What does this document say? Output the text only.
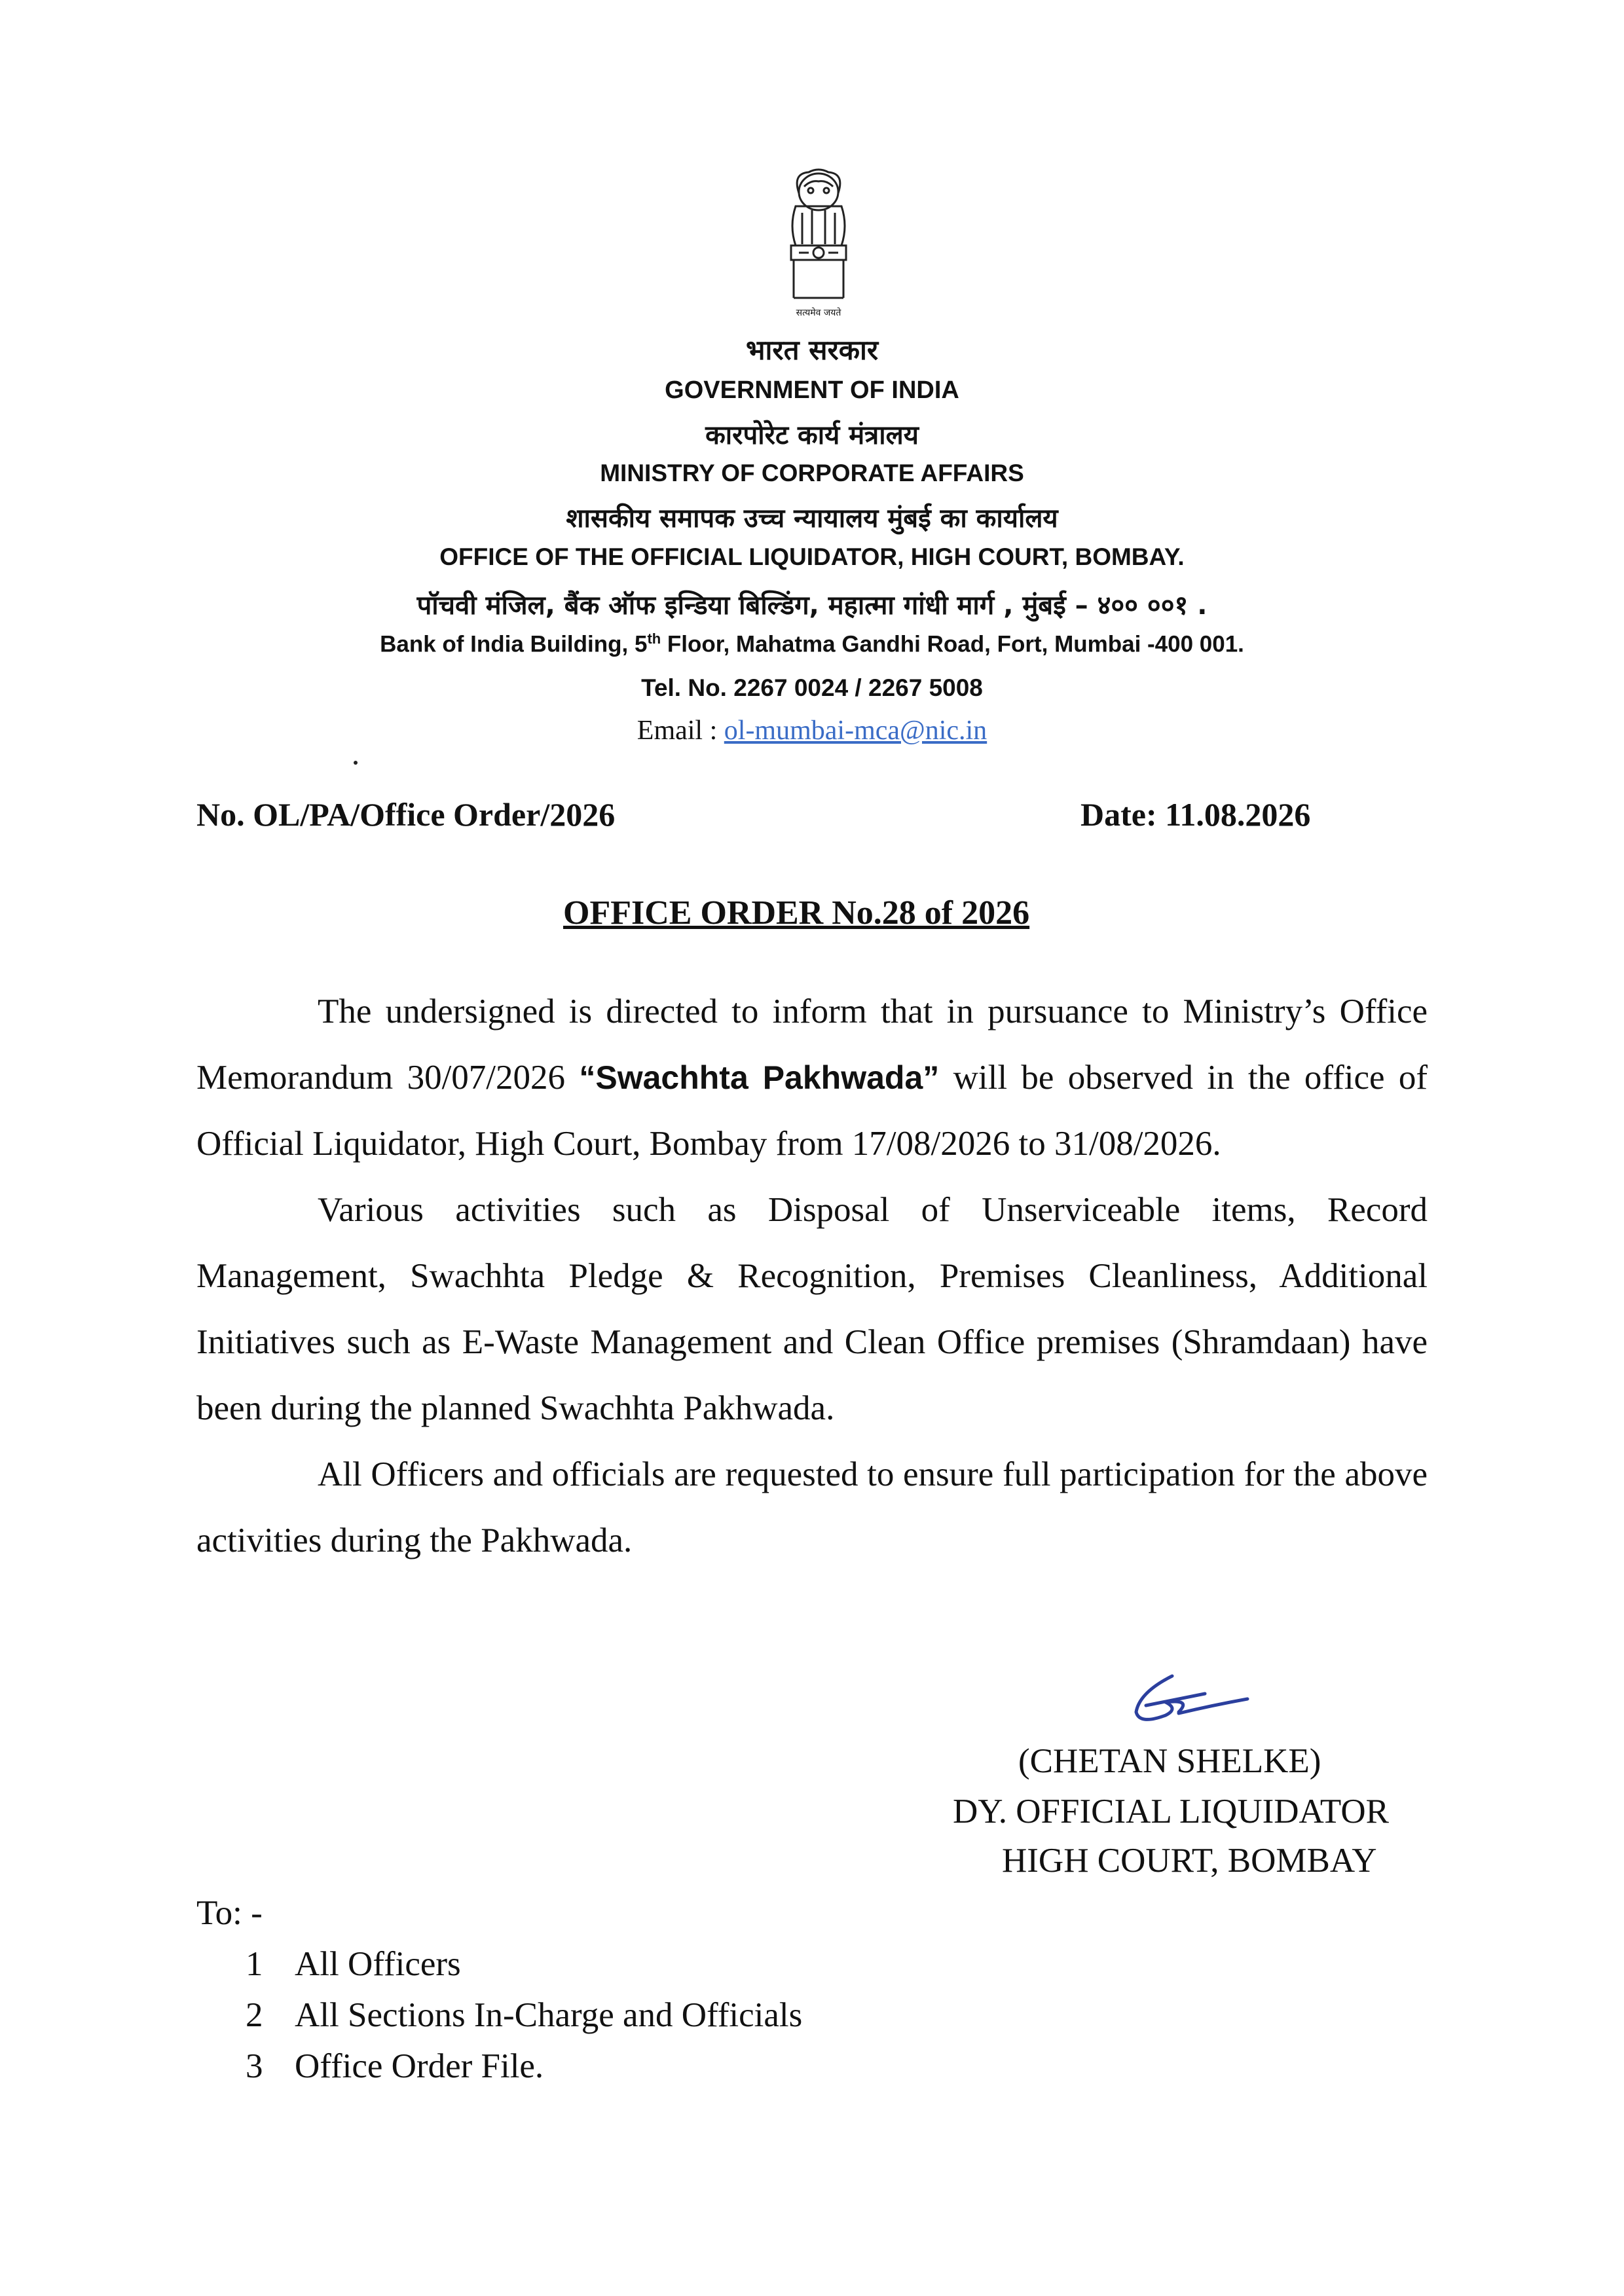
सत्यमेव जयते
भारत सरकार
GOVERNMENT OF INDIA
कारपोरेट कार्य मंत्रालय
MINISTRY OF CORPORATE AFFAIRS
शासकीय समापक उच्च न्यायालय मुंबई का कार्यालय
OFFICE OF THE OFFICIAL LIQUIDATOR, HIGH COURT, BOMBAY.
पॉचवी मंजिल, बैंक ऑफ इन्डिया बिल्डिंग, महात्मा गांधी मार्ग , मुंबई – ४०० ००१ .
Bank of India Building, 5th Floor, Mahatma Gandhi Road, Fort, Mumbai -400 001.
Tel. No. 2267 0024 / 2267 5008
Email : ol-mumbai-mca@nic.in
No. OL/PA/Office Order/2026	Date: 11.08.2026
OFFICE ORDER No.28 of 2026

The undersigned is directed to inform that in pursuance to Ministry’s Office Memorandum 30/07/2026 “Swachhta Pakhwada” will be observed in the office of Official Liquidator, High Court, Bombay from 17/08/2026 to 31/08/2026.

Various activities such as Disposal of Unserviceable items, Record Management, Swachhta Pledge & Recognition, Premises Cleanliness, Additional Initiatives such as E-Waste Management and Clean Office premises (Shramdaan) have been during the planned Swachhta Pakhwada.

All Officers and officials are requested to ensure full participation for the above activities during the Pakhwada.

(CHETAN SHELKE)
DY. OFFICIAL LIQUIDATOR
HIGH COURT, BOMBAY
To: -
1 All Officers
2 All Sections In-Charge and Officials
3 Office Order File.
